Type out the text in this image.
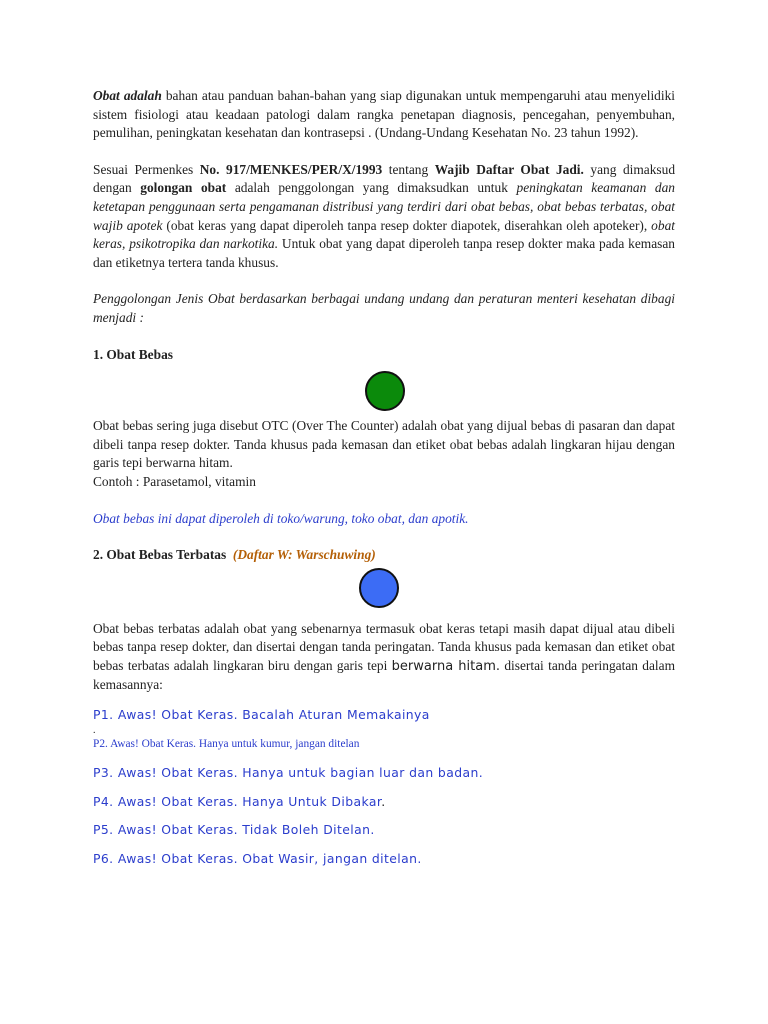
Obat adalah bahan atau panduan bahan-bahan yang siap digunakan untuk mempengaruhi atau menyelidiki sistem fisiologi atau keadaan patologi dalam rangka penetapan diagnosis, pencegahan, penyembuhan, pemulihan, peningkatan kesehatan dan kontrasepsi . (Undang-Undang Kesehatan No. 23 tahun 1992).

Sesuai Permenkes No. 917/MENKES/PER/X/1993 tentang Wajib Daftar Obat Jadi. yang dimaksud dengan golongan obat adalah penggolongan yang dimaksudkan untuk peningkatan keamanan dan ketetapan penggunaan serta pengamanan distribusi yang terdiri dari obat bebas, obat bebas terbatas, obat wajib apotek (obat keras yang dapat diperoleh tanpa resep dokter diapotek, diserahkan oleh apoteker), obat keras, psikotropika dan narkotika. Untuk obat yang dapat diperoleh tanpa resep dokter maka pada kemasan dan etiketnya tertera tanda khusus.

Penggolongan Jenis Obat berdasarkan berbagai undang undang dan peraturan menteri kesehatan dibagi menjadi :

1. Obat Bebas

Obat bebas sering juga disebut OTC (Over The Counter) adalah obat yang dijual bebas di pasaran dan dapat dibeli tanpa resep dokter. Tanda khusus pada kemasan dan etiket obat bebas adalah lingkaran hijau dengan garis tepi berwarna hitam.

Contoh : Parasetamol, vitamin

Obat bebas ini dapat diperoleh di toko/warung, toko obat, dan apotik.

2. Obat Bebas Terbatas (Daftar W: Warschuwing)

Obat bebas terbatas adalah obat yang sebenarnya termasuk obat keras tetapi masih dapat dijual atau dibeli bebas tanpa resep dokter, dan disertai dengan tanda peringatan. Tanda khusus pada kemasan dan etiket obat bebas terbatas adalah lingkaran biru dengan garis tepi berwarna hitam. disertai tanda peringatan dalam kemasannya:

P1. Awas! Obat Keras. Bacalah Aturan Memakainya

.

P2. Awas! Obat Keras. Hanya untuk kumur, jangan ditelan

P3. Awas! Obat Keras. Hanya untuk bagian luar dan badan.

P4. Awas! Obat Keras. Hanya Untuk Dibakar.

P5. Awas! Obat Keras. Tidak Boleh Ditelan.

P6. Awas! Obat Keras. Obat Wasir, jangan ditelan.
